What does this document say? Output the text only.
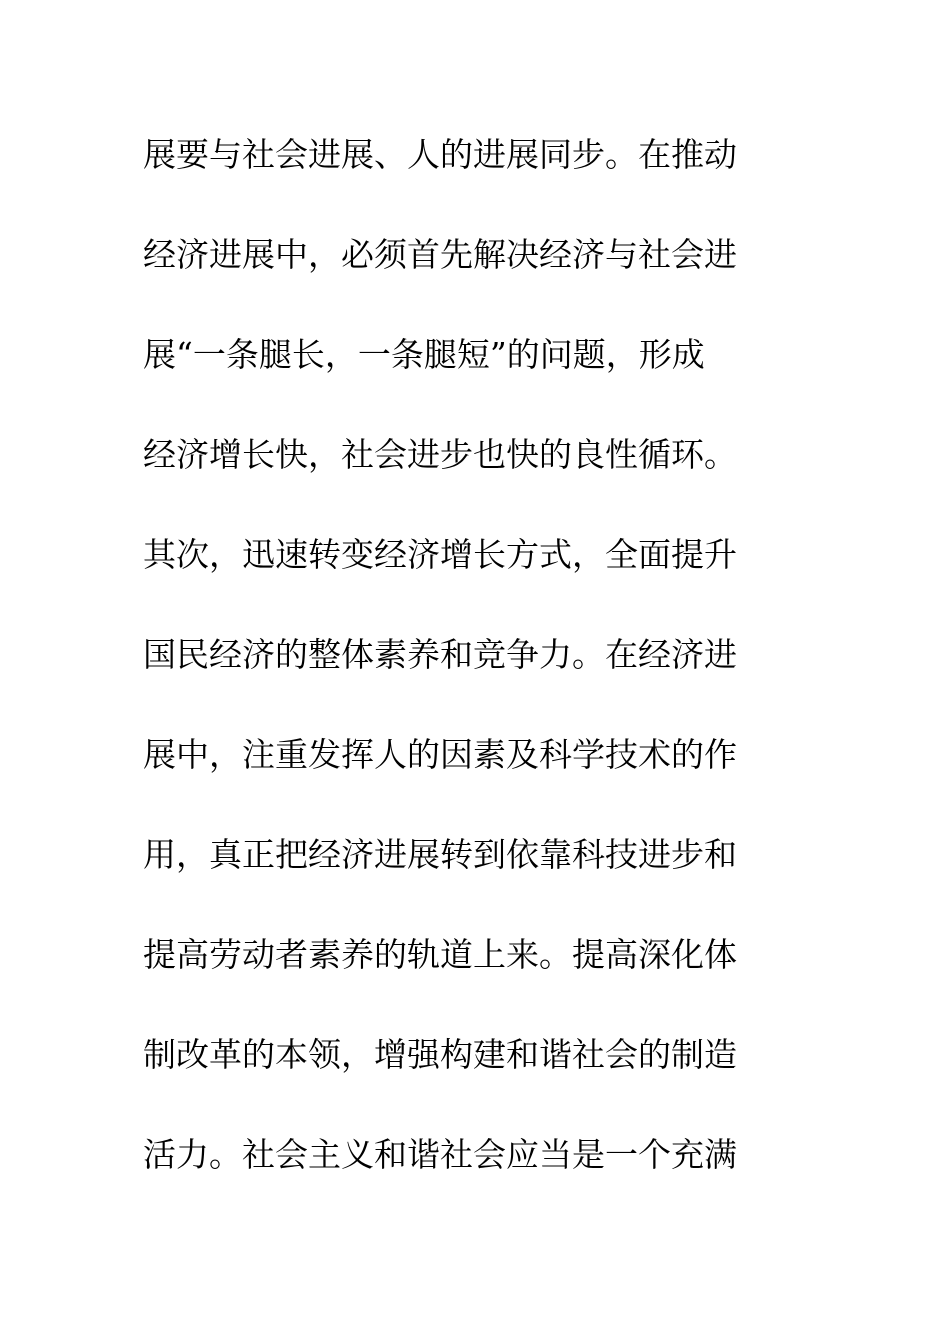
展要与社会进展、人的进展同步。在推动
经济进展中，必须首先解决经济与社会进
展“一条腿长，一条腿短”的问题，形成
经济增长快，社会进步也快的良性循环。
其次，迅速转变经济增长方式，全面提升
国民经济的整体素养和竞争力。在经济进
展中，注重发挥人的因素及科学技术的作
用，真正把经济进展转到依靠科技进步和
提高劳动者素养的轨道上来。提高深化体
制改革的本领，增强构建和谐社会的制造
活力。社会主义和谐社会应当是一个充满
